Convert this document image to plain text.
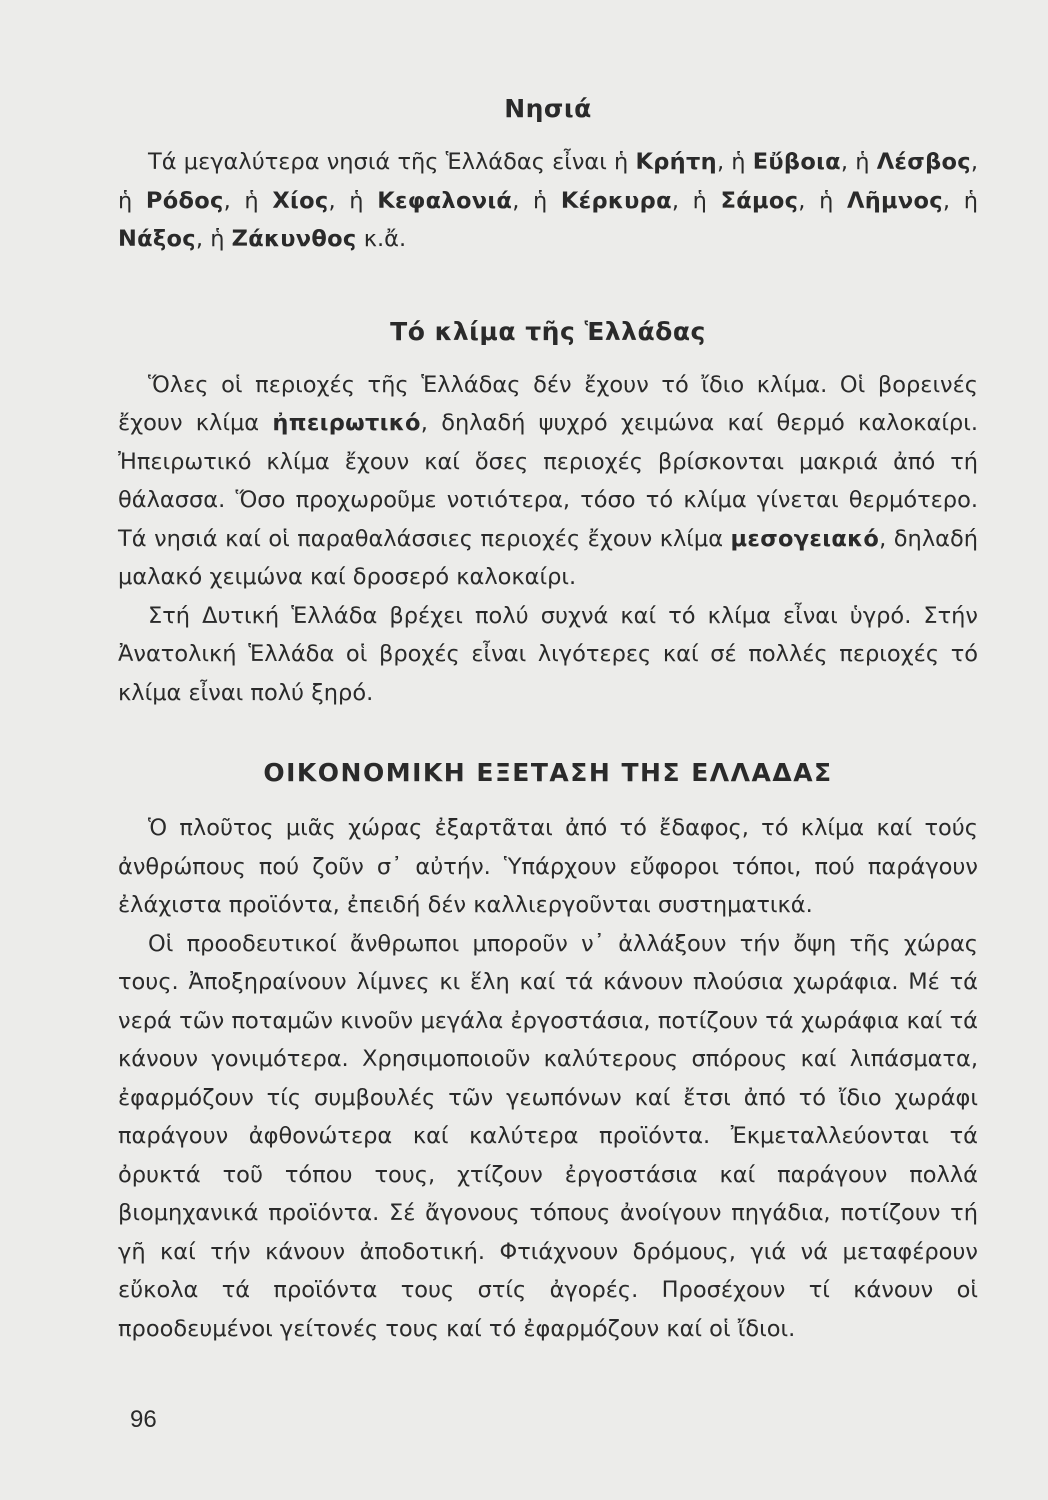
Νησιά

Τά μεγαλύτερα νησιά τῆς Ἑλλάδας εἶναι ἡ Κρήτη, ἡ Εὔβοια, ἡ Λέσβος, ἡ Ρόδος, ἡ Χίος, ἡ Κεφαλονιά, ἡ Κέρκυρα, ἡ Σάμος, ἡ Λῆμνος, ἡ Νάξος, ἡ Ζάκυνθος κ.ἄ.

Τό κλίμα τῆς Ἑλλάδας

Ὅλες οἱ περιοχές τῆς Ἑλλάδας δέν ἔχουν τό ἴδιο κλίμα. Οἱ βορεινές ἔχουν κλίμα ἠπειρωτικό, δηλαδή ψυχρό χειμώνα καί θερμό καλοκαίρι. Ἠπειρωτικό κλίμα ἔχουν καί ὅσες περιοχές βρίσκονται μακριά ἀπό τή θάλασσα. Ὅσο προχωροῦμε νοτιότερα, τόσο τό κλίμα γίνεται θερμότερο. Τά νησιά καί οἱ παραθαλάσσιες περιοχές ἔχουν κλίμα μεσογειακό, δηλαδή μαλακό χειμώνα καί δροσερό καλοκαίρι.

Στή Δυτική Ἑλλάδα βρέχει πολύ συχνά καί τό κλίμα εἶναι ὑγρό. Στήν Ἀνατολική Ἑλλάδα οἱ βροχές εἶναι λιγότερες καί σέ πολλές περιοχές τό κλίμα εἶναι πολύ ξηρό.

ΟΙΚΟΝΟΜΙΚΗ ΕΞΕΤΑΣΗ ΤΗΣ ΕΛΛΑΔΑΣ

Ὁ πλοῦτος μιᾶς χώρας ἐξαρτᾶται ἀπό τό ἔδαφος, τό κλίμα καί τούς ἀνθρώπους πού ζοῦν σ᾽ αὐτήν. Ὑπάρχουν εὔφοροι τόποι, πού παράγουν ἐλάχιστα προϊόντα, ἐπειδή δέν καλλιεργοῦνται συστηματικά.

Οἱ προοδευτικοί ἄνθρωποι μποροῦν ν᾽ ἀλλάξουν τήν ὄψη τῆς χώρας τους. Ἀποξηραίνουν λίμνες κι ἕλη καί τά κάνουν πλούσια χωράφια. Μέ τά νερά τῶν ποταμῶν κινοῦν μεγάλα ἐργοστάσια, ποτίζουν τά χωράφια καί τά κάνουν γονιμότερα. Χρησιμοποιοῦν καλύτερους σπόρους καί λιπάσματα, ἐφαρμόζουν τίς συμβουλές τῶν γεωπόνων καί ἔτσι ἀπό τό ἴδιο χωράφι παράγουν ἀφθονώτερα καί καλύτερα προϊόντα. Ἐκμεταλλεύονται τά ὀρυκτά τοῦ τόπου τους, χτίζουν ἐργοστάσια καί παράγουν πολλά βιομηχανικά προϊόντα. Σέ ἄγονους τόπους ἀνοίγουν πηγάδια, ποτίζουν τή γῆ καί τήν κάνουν ἀποδοτική. Φτιάχνουν δρόμους, γιά νά μεταφέρουν εὔκολα τά προϊόντα τους στίς ἀγορές. Προσέχουν τί κάνουν οἱ προοδευμένοι γείτονές τους καί τό ἐφαρμόζουν καί οἱ ἴδιοι.

96
